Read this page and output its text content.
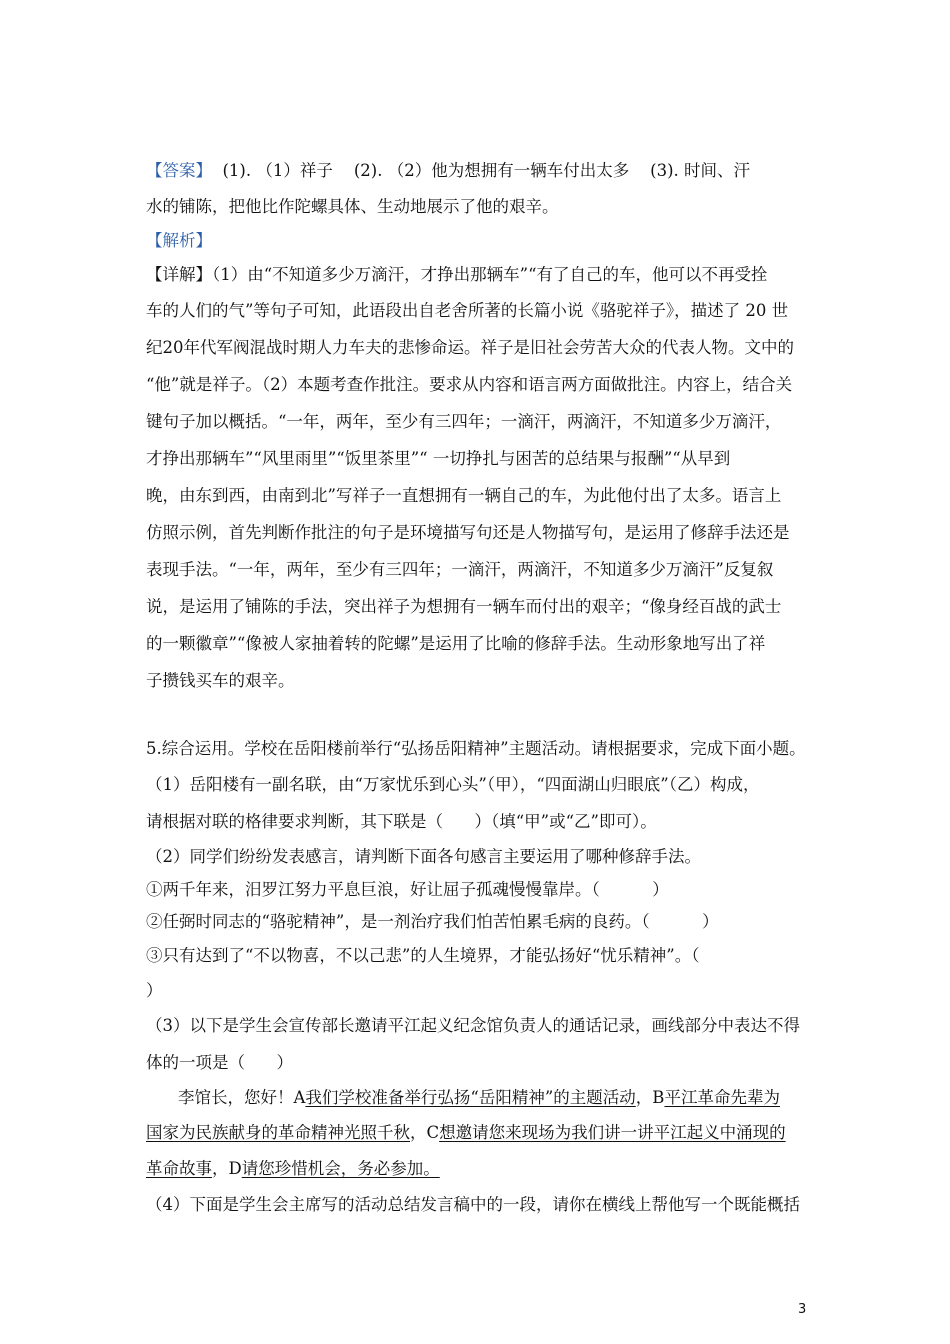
【答案】  (1). （1）祥子    (2). （2）他为想拥有一辆车付出太多    (3). 时间、汗
水的铺陈，把他比作陀螺具体、生动地展示了他的艰辛。
【解析】
【详解】（1）由“不知道多少万滴汗，才挣出那辆车”“有了自己的车，他可以不再受拴
车的人们的气”等句子可知，此语段出自老舍所著的长篇小说《骆驼祥子》，描述了 20 世
纪20年代军阀混战时期人力车夫的悲惨命运。祥子是旧社会劳苦大众的代表人物。文中的
“他”就是祥子。（2）本题考查作批注。要求从内容和语言两方面做批注。内容上，结合关
键句子加以概括。“一年，两年，至少有三四年；一滴汗，两滴汗，不知道多少万滴汗，
才挣出那辆车”“风里雨里”“饭里茶里”“ 一切挣扎与困苦的总结果与报酬”“从早到
晚，由东到西，由南到北”写祥子一直想拥有一辆自己的车，为此他付出了太多。语言上
仿照示例，首先判断作批注的句子是环境描写句还是人物描写句，是运用了修辞手法还是
表现手法。“一年，两年，至少有三四年；一滴汗，两滴汗，不知道多少万滴汗”反复叙
说，是运用了铺陈的手法，突出祥子为想拥有一辆车而付出的艰辛；“像身经百战的武士
的一颗徽章”“像被人家抽着转的陀螺”是运用了比喻的修辞手法。生动形象地写出了祥
子攒钱买车的艰辛。
5.综合运用。学校在岳阳楼前举行“弘扬岳阳精神”主题活动。请根据要求，完成下面小题。
（1）岳阳楼有一副名联，由“万家忧乐到心头”（甲），“四面湖山归眼底”（乙）构成，
请根据对联的格律要求判断，其下联是（      ）（填“甲”或“乙”即可）。
（2）同学们纷纷发表感言，请判断下面各句感言主要运用了哪种修辞手法。
①两千年来，汨罗江努力平息巨浪，好让屈子孤魂慢慢靠岸。（          ）
②任弼时同志的“骆驼精神”，是一剂治疗我们怕苦怕累毛病的良药。（          ）
③只有达到了“不以物喜，不以己悲”的人生境界，才能弘扬好“忧乐精神”。（
）
（3）以下是学生会宣传部长邀请平江起义纪念馆负责人的通话记录，画线部分中表达不得
体的一项是（      ）
李馆长，您好！A我们学校准备举行弘扬“岳阳精神”的主题活动，B平江革命先辈为
国家为民族献身的革命精神光照千秋，C想邀请您来现场为我们讲一讲平江起义中涌现的
革命故事，D请您珍惜机会，务必参加。
（4）下面是学生会主席写的活动总结发言稿中的一段，请你在横线上帮他写一个既能概括
3
